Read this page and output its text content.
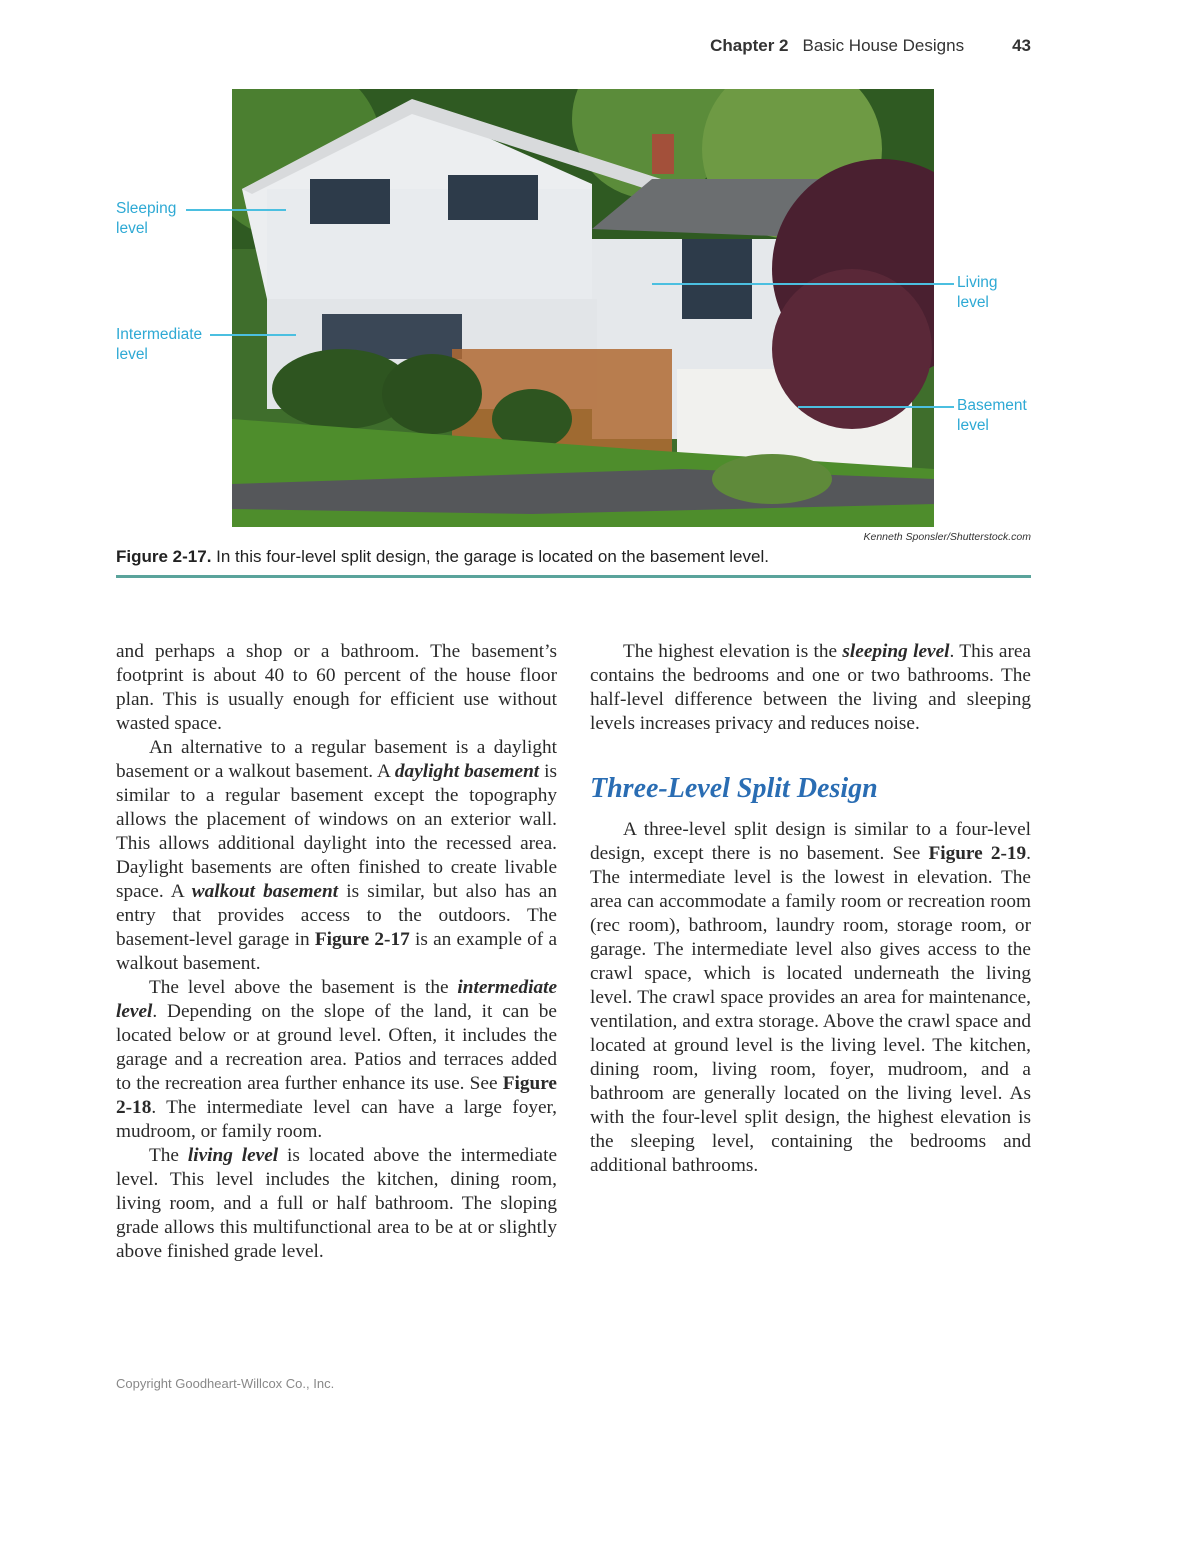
Chapter 2 Basic House Designs	43
Sleeping
level
Intermediate
level
Living
level
Basement
level
Kenneth Sponsler/Shutterstock.com
Figure 2-17. In this four-level split design, the garage is located on the basement level.

and perhaps a shop or a bathroom. The basement’s footprint is about 40 to 60 percent of the house floor plan. This is usually enough for efficient use without wasted space.

An alternative to a regular basement is a daylight basement or a walkout basement. A daylight basement is similar to a regular basement except the topography allows the placement of windows on an exterior wall. This allows additional daylight into the recessed area. Daylight basements are often finished to create livable space. A walkout basement is similar, but also has an entry that provides access to the outdoors. The basement-level garage in Figure 2-17 is an example of a walkout basement.

The level above the basement is the intermediate level. Depending on the slope of the land, it can be located below or at ground level. Often, it includes the garage and a recreation area. Patios and terraces added to the recreation area further enhance its use. See Figure 2-18. The intermediate level can have a large foyer, mudroom, or family room.

The living level is located above the intermediate level. This level includes the kitchen, dining room, living room, and a full or half bathroom. The sloping grade allows this multifunctional area to be at or slightly above finished grade level.

The highest elevation is the sleeping level. This area contains the bedrooms and one or two bathrooms. The half-level difference between the living and sleeping levels increases privacy and reduces noise.

Three-Level Split Design

A three-level split design is similar to a four-level design, except there is no basement. See Figure 2-19. The intermediate level is the lowest in elevation. The area can accommodate a family room or recreation room (rec room), bathroom, laundry room, storage room, or garage. The intermediate level also gives access to the crawl space, which is located underneath the living level. The crawl space provides an area for maintenance, ventilation, and extra storage. Above the crawl space and located at ground level is the living level. The kitchen, dining room, living room, foyer, mudroom, and a bathroom are generally located on the living level. As with the four-level split design, the highest elevation is the sleeping level, containing the bedrooms and additional bathrooms.

Copyright Goodheart-Willcox Co., Inc.
